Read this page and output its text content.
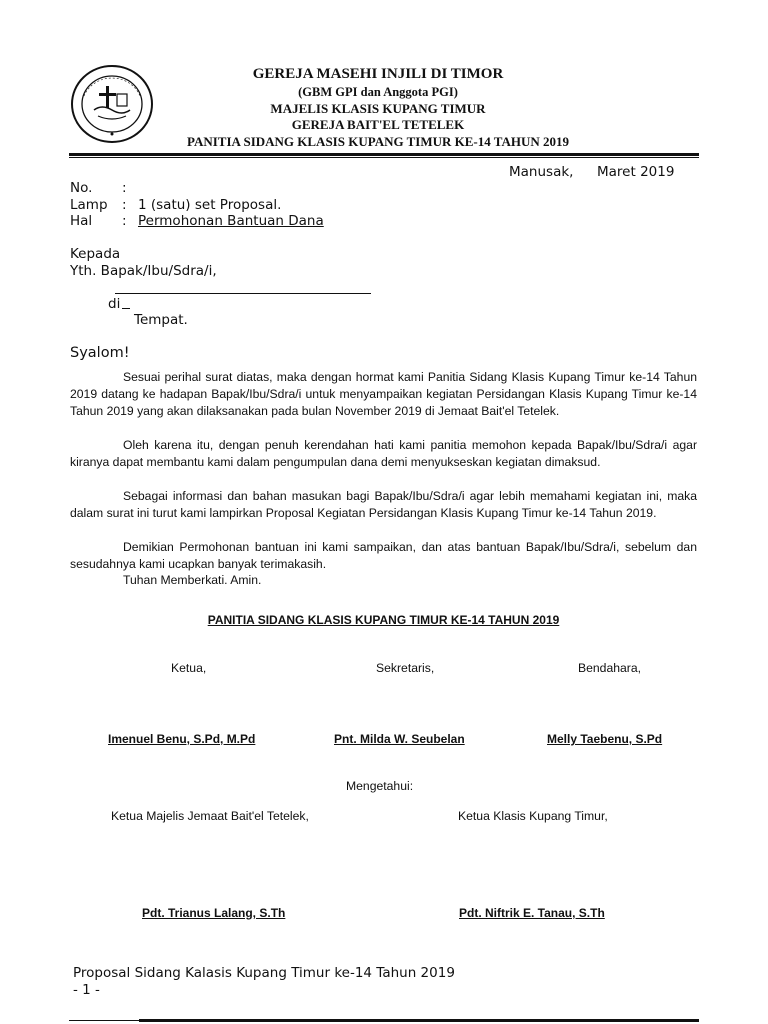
GEREJA MASEHI INJILI DI TIMOR
(GBM GPI dan Anggota PGI)
MAJELIS KLASIS KUPANG TIMUR
GEREJA BAIT'EL TETELEK
PANITIA SIDANG KLASIS KUPANG TIMUR KE-14 TAHUN 2019
Manusak, Maret 2019
No. :
Lamp : 1 (satu) set Proposal.
Hal : Permohonan Bantuan Dana
Kepada
Yth. Bapak/Ibu/Sdra/i,
di
Tempat.
Syalom!
Sesuai perihal surat diatas, maka dengan hormat kami Panitia Sidang Klasis Kupang Timur ke-14 Tahun 2019 datang ke hadapan Bapak/Ibu/Sdra/i untuk menyampaikan kegiatan Persidangan Klasis Kupang Timur ke-14 Tahun 2019 yang akan dilaksanakan pada bulan November 2019 di Jemaat Bait'el Tetelek.
Oleh karena itu, dengan penuh kerendahan hati kami panitia memohon kepada Bapak/Ibu/Sdra/i agar kiranya dapat membantu kami dalam pengumpulan dana demi menyukseskan kegiatan dimaksud.
Sebagai informasi dan bahan masukan bagi Bapak/Ibu/Sdra/i agar lebih memahami kegiatan ini, maka dalam surat ini turut kami lampirkan Proposal Kegiatan Persidangan Klasis Kupang Timur ke-14 Tahun 2019.
Demikian Permohonan bantuan ini kami sampaikan, dan atas bantuan Bapak/Ibu/Sdra/i, sebelum dan sesudahnya kami ucapkan banyak terimakasih.
Tuhan Memberkati. Amin.
PANITIA SIDANG KLASIS KUPANG TIMUR KE-14 TAHUN 2019
Ketua,	Sekretaris,	Bendahara,
Imenuel Benu, S.Pd, M.Pd	Pnt. Milda W. Seubelan	Melly Taebenu, S.Pd
Mengetahui:
Ketua Majelis Jemaat Bait'el Tetelek,	Ketua Klasis Kupang Timur,
Pdt. Trianus Lalang, S.Th	Pdt. Niftrik E. Tanau, S.Th
Proposal Sidang Kalasis Kupang Timur ke-14 Tahun 2019
- 1 -
